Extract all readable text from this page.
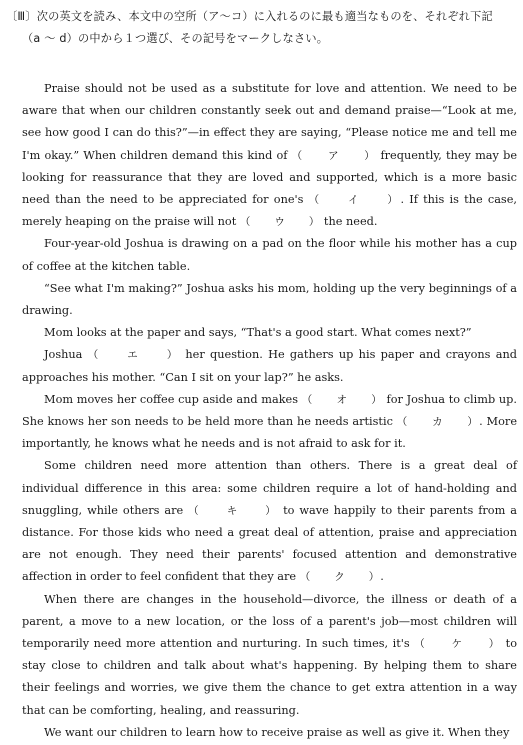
〔Ⅲ〕次の英文を読み、本文中の空所（ア～コ）に入れるのに最も適当なものを、それぞれ下記
（a ～ d）の中から１つ選び、その記号をマークしなさい。

Praise should not be used as a substitute for love and attention. We need to be aware that when our children constantly seek out and demand praise—“Look at me, see how good I can do this?”—in effect they are saying, “Please notice me and tell me I'm okay.” When children demand this kind of （　　ア　　） frequently, they may be looking for reassurance that they are loved and supported, which is a more basic need than the need to be appreciated for one's （　　イ　　）. If this is the case, merely heaping on the praise will not （　　ウ　　） the need.

Four-year-old Joshua is drawing on a pad on the floor while his mother has a cup of coffee at the kitchen table.

“See what I'm making?” Joshua asks his mom, holding up the very beginnings of a drawing.

Mom looks at the paper and says, “That's a good start. What comes next?”

Joshua （　　エ　　） her question. He gathers up his paper and crayons and approaches his mother. “Can I sit on your lap?” he asks.

Mom moves her coffee cup aside and makes （　　オ　　） for Joshua to climb up. She knows her son needs to be held more than he needs artistic （　　カ　　）. More importantly, he knows what he needs and is not afraid to ask for it.

Some children need more attention than others. There is a great deal of individual difference in this area: some children require a lot of hand-holding and snuggling, while others are （　　キ　　） to wave happily to their parents from a distance. For those kids who need a great deal of attention, praise and appreciation are not enough. They need their parents' focused attention and demonstrative affection in order to feel confident that they are （　　ク　　）.

When there are changes in the household—divorce, the illness or death of a parent, a move to a new location, or the loss of a parent's job—most children will temporarily need more attention and nurturing. In such times, it's （　　ケ　　） to stay close to children and talk about what's happening. By helping them to share their feelings and worries, we give them the chance to get extra attention in a way that can be comforting, healing, and reassuring.

We want our children to learn how to receive praise as well as give it. When they
